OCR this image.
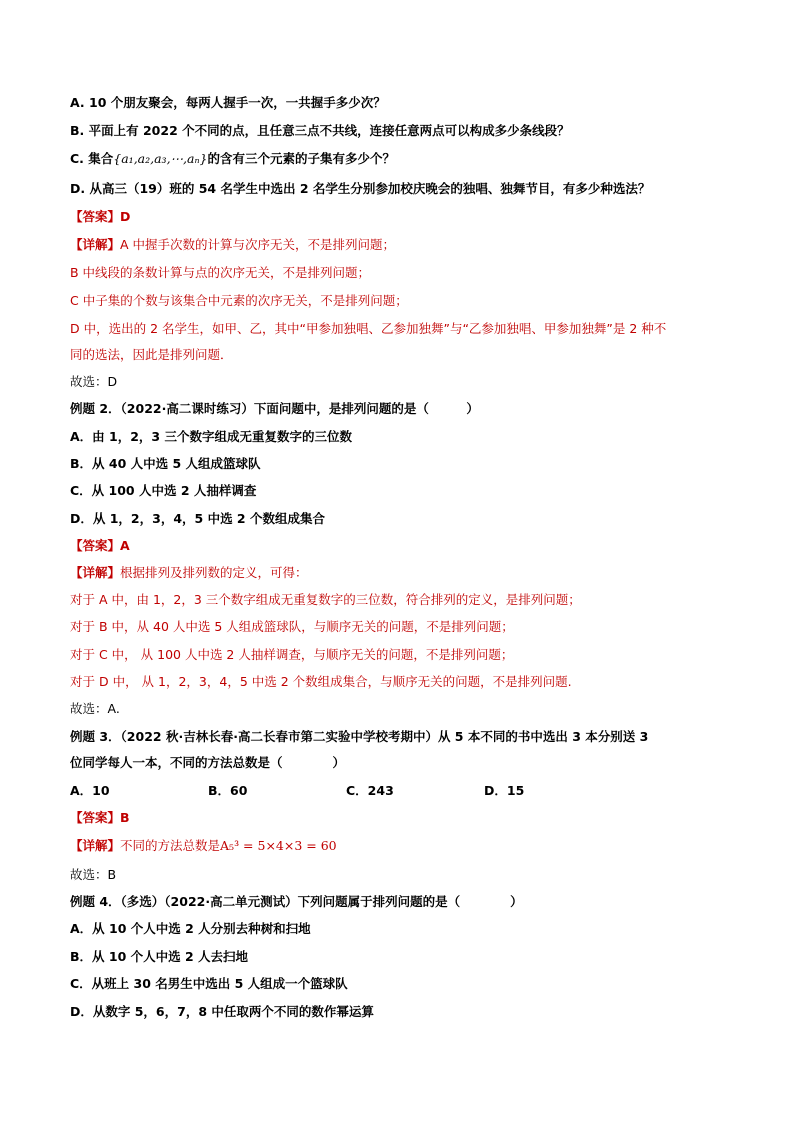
A. 10 个朋友聚会，每两人握手一次，一共握手多少次？
B. 平面上有 2022 个不同的点，且任意三点不共线，连接任意两点可以构成多少条线段？
C. 集合{a₁,a₂,a₃,⋯,aₙ}的含有三个元素的子集有多少个？
D. 从高三（19）班的 54 名学生中选出 2 名学生分别参加校庆晚会的独唱、独舞节目，有多少种选法？
【答案】D
【详解】A 中握手次数的计算与次序无关，不是排列问题；
B 中线段的条数计算与点的次序无关，不是排列问题；
C 中子集的个数与该集合中元素的次序无关，不是排列问题；
D 中，选出的 2 名学生，如甲、乙，其中“甲参加独唱、乙参加独舞”与“乙参加独唱、甲参加独舞”是 2 种不
同的选法，因此是排列问题．
故选：D
例题 2．（2022·高二课时练习）下面问题中，是排列问题的是（　　　）
A．由 1，2，3 三个数字组成无重复数字的三位数
B．从 40 人中选 5 人组成篮球队
C．从 100 人中选 2 人抽样调查
D．从 1，2，3，4，5 中选 2 个数组成集合
【答案】A
【详解】根据排列及排列数的定义，可得：
对于 A 中，由 1，2，3 三个数字组成无重复数字的三位数，符合排列的定义，是排列问题；
对于 B 中，从 40 人中选 5 人组成篮球队，与顺序无关的问题，不是排列问题；
对于 C 中， 从 100 人中选 2 人抽样调查，与顺序无关的问题，不是排列问题；
对于 D 中， 从 1，2，3，4，5 中选 2 个数组成集合，与顺序无关的问题，不是排列问题.
故选：A.
例题 3．（2022 秋·吉林长春·高二长春市第二实验中学校考期中）从 5 本不同的书中选出 3 本分别送 3
位同学每人一本，不同的方法总数是（　　　　）
A．10	B．60	C．243	D．15
【答案】B
【详解】不同的方法总数是A₅³ = 5×4×3 = 60
故选：B
例题 4．（多选）（2022·高二单元测试）下列问题属于排列问题的是（　　　　）
A．从 10 个人中选 2 人分别去种树和扫地
B．从 10 个人中选 2 人去扫地
C．从班上 30 名男生中选出 5 人组成一个篮球队
D．从数字 5，6，7，8 中任取两个不同的数作幂运算
